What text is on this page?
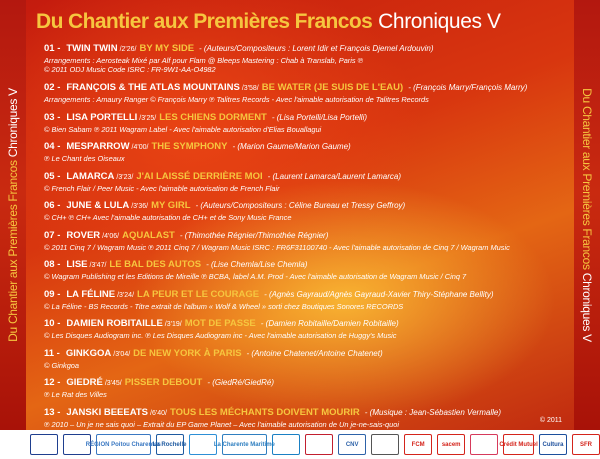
Du Chantier aux Premières Francos Chroniques V
Du Chantier aux Premières Francos Chroniques V
01 - TWIN TWIN /2'26/ BY MY SIDE - (Auteurs/Compositeurs : Lorent Idir et François Djemel Ardouvin)
Arrangements : Aerosteak Mixé par Alf pour Flam @ Bleeps Mastering : Chab à Translab, Paris ℗
© 2011 ODJ Music Code ISRC : FR-9W1-AA-O4982
02 - FRANÇOIS & THE ATLAS MOUNTAINS /3'58/ BE WATER (JE SUIS DE L'EAU) - (François Marry/François Marry)
Arrangements : Amaury Ranger © François Marry ℗ Talitres Records - Avec l'aimable autorisation de Talitres Records
03 - LISA PORTELLI /3'25/ LES CHIENS DORMENT - (Lisa Portelli/Lisa Portelli)
© Bien Sabam ℗ 2011 Wagram Label - Avec l'aimable autorisation d'Elias Bouallagui
04 - MESPARROW /4'00/ THE SYMPHONY - (Marion Gaume/Marion Gaume)
℗ Le Chant des Oiseaux
05 - LAMARCA /3'23/ J'AI LAISSÉ DERRIÈRE MOI - (Laurent Lamarca/Laurent Lamarca)
© French Flair / Peer Music - Avec l'aimable autorisation de French Flair
06 - JUNE & LULA /3'36/ MY GIRL - (Auteurs/Compositeurs : Céline Bureau et Tressy Geffroy)
© CH+ ℗ CH+ Avec l'aimable autorisation de CH+ et de Sony Music France
07 - ROVER /4'06/ AQUALAST - (Thimothée Régnier/Thimothée Régnier)
© 2011 Cinq 7 / Wagram Music ℗ 2011 Cinq 7 / Wagram Music ISRC : FR6F31100740 - Avec l'aimable autorisation de Cinq 7 / Wagram Music
08 - LISE /3'47/ LE BAL DES AUTOS - (Lise Chemla/Lise Chemla)
© Wagram Publishing et les Editions de Mireille ℗ BCBA, label A.M. Prod - Avec l'aimable autorisation de Wagram Music / Cinq 7
09 - LA FÉLINE /3'24/ LA PEUR ET LE COURAGE - (Agnès Gayraud/Agnès Gayraud-Xavier Thiry-Stéphane Bellity)
© La Féline - BS Records - Titre extrait de l'album « Wolf & Wheel » sorti chez Boutiques Sonores RECORDS
10 - DAMIEN ROBITAILLE /3'19/ MOT DE PASSE - (Damien Robitaille/Damien Robitaille)
© Les Disques Audiogram inc. ℗ Les Disques Audiogram inc - Avec l'aimable autorisation de Huggy's Music
11 - GINKGOA /3'04/ DE NEW YORK À PARIS - (Antoine Chatenet/Antoine Chatenet)
© Ginkgoa
12 - GIEDRÉ /3'45/ PISSER DEBOUT - (GiedRé/GiedRé)
℗ Le Rat des Villes
13 - JANSKI BEEEATS /6'40/ TOUS LES MÉCHANTS DOIVENT MOURIR - (Musique : Jean-Sébastien Vermalle)
℗ 2010 – Un je ne sais quoi – Extrait du EP Game Planet – Avec l'aimable autorisation de Un je-ne-sais-quoi	© 2011
Du Chantier aux Premières Francos Chroniques V
RÉGION Poitou Charentes
La Rochelle	La Charente Maritime	CNV	FCM	sacem	Crédit Mutuel Cultura	SFR
